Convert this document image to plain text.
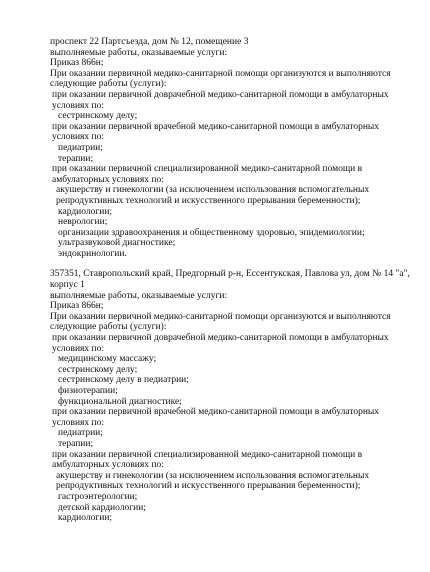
проспект 22 Партсъезда, дом № 12, помещение 3
выполняемые работы, оказываемые услуги:
Приказ 866н;
При оказании первичной медико-санитарной помощи организуются и выполняются следующие работы (услуги):
при оказании первичной доврачебной медико-санитарной помощи в амбулаторных условиях по:
сестринскому делу;
при оказании первичной врачебной медико-санитарной помощи в амбулаторных условиях по:
педиатрии;
терапии;
при оказании первичной специализированной медико-санитарной помощи в амбулаторных условиях по:
акушерству и гинекологии (за исключением использования вспомогательных репродуктивных технологий и искусственного прерывания беременности);
кардиологии;
неврологии;
организации здравоохранения и общественному здоровью, эпидемиологии;
ультразвуковой диагностике;
эндокринологии.
357351, Ставропольский край, Предгорный р-н, Ессентукская, Павлова ул, дом № 14 "а", корпус 1
выполняемые работы, оказываемые услуги:
Приказ 866н;
При оказании первичной медико-санитарной помощи организуются и выполняются следующие работы (услуги):
при оказании первичной доврачебной медико-санитарной помощи в амбулаторных условиях по:
медицинскому массажу;
сестринскому делу;
сестринскому делу в педиатрии;
физиотерапии;
функциональной диагностике;
при оказании первичной врачебной медико-санитарной помощи в амбулаторных условиях по:
педиатрии;
терапии;
при оказании первичной специализированной медико-санитарной помощи в амбулаторных условиях по:
акушерству и гинекологии (за исключением использования вспомогательных репродуктивных технологий и искусственного прерывания беременности);
гастроэнтерологии;
детской кардиологии;
кардиологии;
